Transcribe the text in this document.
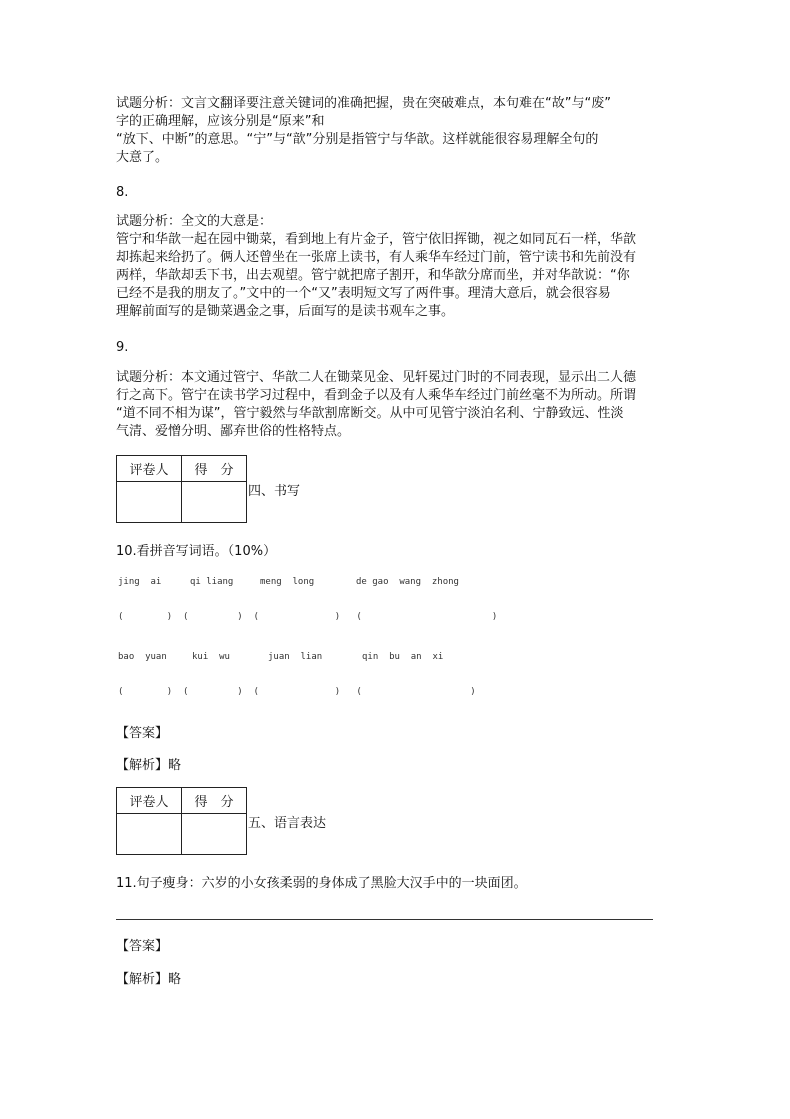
试题分析：文言文翻译要注意关键词的准确把握，贵在突破难点，本句难在“故”与“废”

字的正确理解，应该分别是“原来”和

“放下、中断”的意思。“宁”与“歆”分别是指管宁与华歆。这样就能很容易理解全句的

大意了。

8.

试题分析：全文的大意是：

管宁和华歆一起在园中锄菜，看到地上有片金子，管宁依旧挥锄，视之如同瓦石一样，华歆

却拣起来给扔了。俩人还曾坐在一张席上读书，有人乘华车经过门前，管宁读书和先前没有

两样，华歆却丢下书，出去观望。管宁就把席子割开，和华歆分席而坐，并对华歆说：“你

已经不是我的朋友了。”文中的一个“又”表明短文写了两件事。理清大意后，就会很容易

理解前面写的是锄菜遇金之事，后面写的是读书观车之事。

9.

试题分析：本文通过管宁、华歆二人在锄菜见金、见轩冕过门时的不同表现，显示出二人德

行之高下。管宁在读书学习过程中，看到金子以及有人乘华车经过门前丝毫不为所动。所谓

“道不同不相为谋”，管宁毅然与华歆割席断交。从中可见管宁淡泊名利、宁静致远、性淡

气清、爱憎分明、鄙弃世俗的性格特点。

评卷人	得　分

四、书写
10.看拼音写词语。（10%）
jing  ai	qi liang	meng  long	de gao  wang  zhong
(        )  (         )  (              )   (                        )
bao  yuan	kui  wu	juan  lian	qin  bu  an  xi
(        )  (         )  (              )   (                    )
【答案】
【解析】略
评卷人	得　分

五、语言表达
11.句子瘦身：六岁的小女孩柔弱的身体成了黑脸大汉手中的一块面团。
【答案】
【解析】略
